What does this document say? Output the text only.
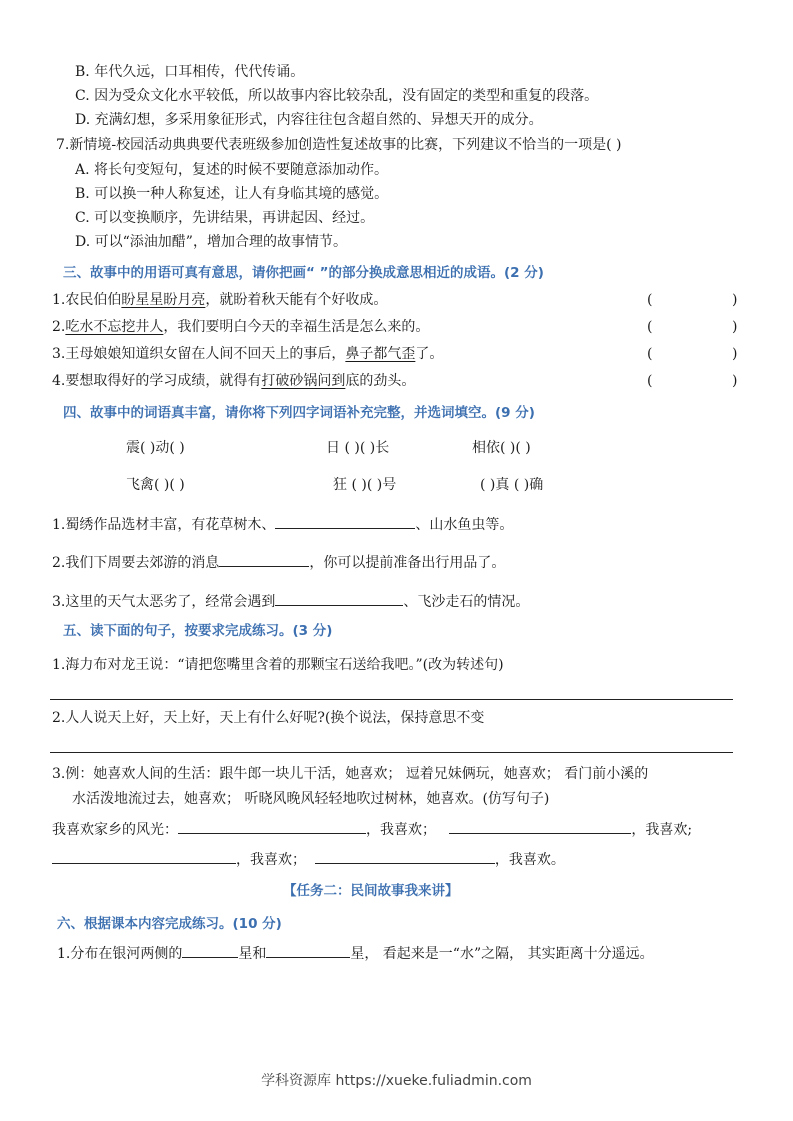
B. 年代久远，口耳相传，代代传诵。
C. 因为受众文化水平较低，所以故事内容比较杂乱，没有固定的类型和重复的段落。
D. 充满幻想，多采用象征形式，内容往往包含超自然的、异想天开的成分。
7.新情境-校园活动典典要代表班级参加创造性复述故事的比赛，下列建议不恰当的一项是( )
A. 将长句变短句，复述的时候不要随意添加动作。
B. 可以换一种人称复述，让人有身临其境的感觉。
C. 可以变换顺序，先讲结果，再讲起因、经过。
D. 可以“添油加醋”，增加合理的故事情节。
三、故事中的用语可真有意思，请你把画“ ”的部分换成意思相近的成语。(2 分)
1.农民伯伯盼星星盼月亮，就盼着秋天能有个好收成。	(	)
2.吃水不忘挖井人，我们要明白今天的幸福生活是怎么来的。	(	)
3.王母娘娘知道织女留在人间不回天上的事后，鼻子都气歪了。	(	)
4.要想取得好的学习成绩，就得有打破砂锅问到底的劲头。	(	)
四、故事中的词语真丰富，请你将下列四字词语补充完整，并选词填空。(9 分)
震( )动( )	日 ( )( )长	相依( )( )
飞禽( )( )	狂 ( )( )号	( )真 ( )确
1.蜀绣作品选材丰富，有花草树木、	、山水鱼虫等。
2.我们下周要去郊游的消息	，你可以提前准备出行用品了。
3.这里的天气太恶劣了，经常会遇到	、飞沙走石的情况。
五、读下面的句子，按要求完成练习。(3 分)
1.海力布对龙王说：“请把您嘴里含着的那颗宝石送给我吧。”(改为转述句)
2.人人说天上好，天上好，天上有什么好呢?(换个说法，保持意思不变
3.例：她喜欢人间的生活：跟牛郎一块儿干活，她喜欢； 逗着兄妹俩玩，她喜欢； 看门前小溪的
水活泼地流过去，她喜欢； 听晓风晚风轻轻地吹过树林，她喜欢。(仿写句子)
我喜欢家乡的风光：	，我喜欢；	，我喜欢;
，我喜欢；	，我喜欢。
【任务二：民间故事我来讲】
六、根据课本内容完成练习。(10 分)
1.分布在银河两侧的	星和	星， 看起来是一“水”之隔， 其实距离十分遥远。
学科资源库 https://xueke.fuliadmin.com
